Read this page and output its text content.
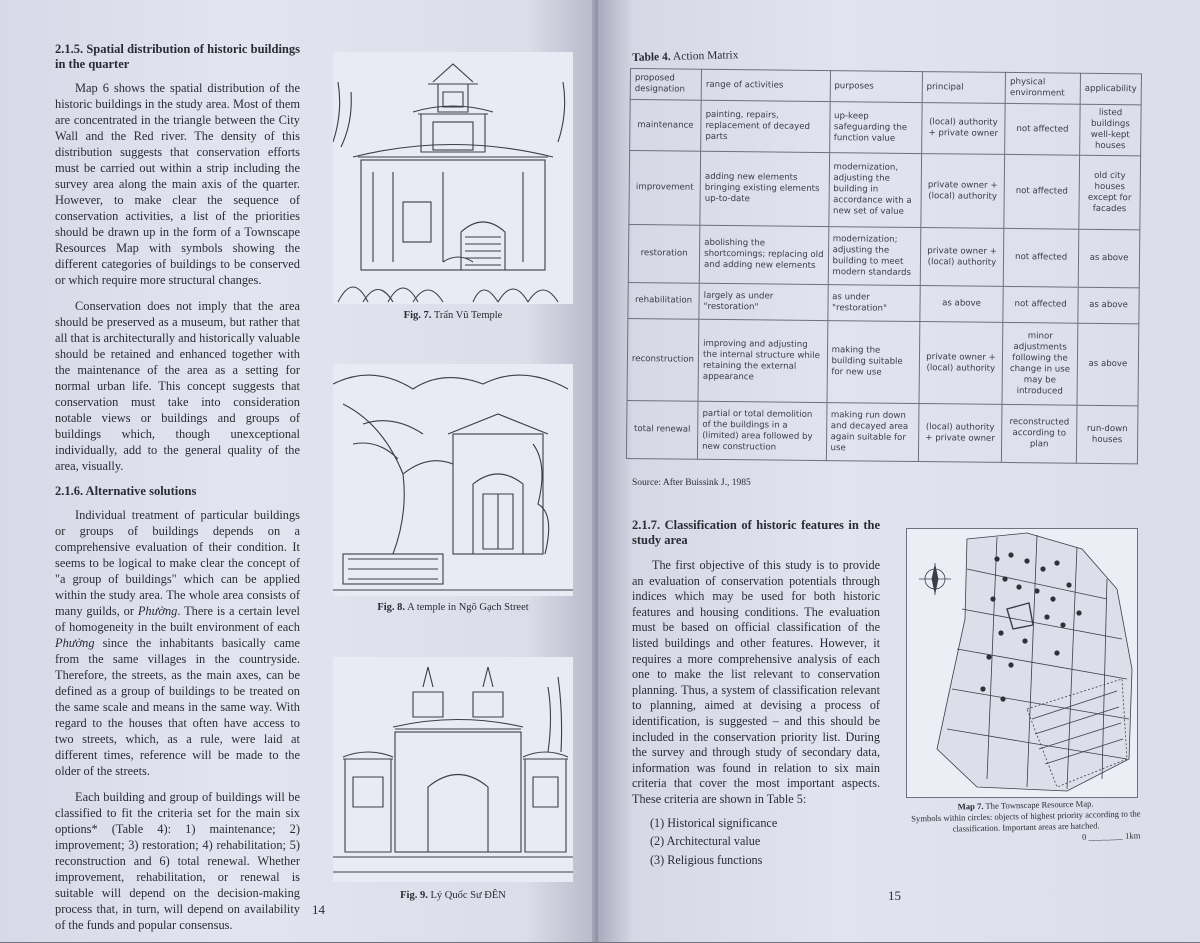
2.1.5. Spatial distribution of historic buildings in the quarter

Map 6 shows the spatial distribution of the historic buildings in the study area. Most of them are concentrated in the triangle between the City Wall and the Red river. The density of this distribution suggests that conservation efforts must be carried out within a strip including the survey area along the main axis of the quarter. However, to make clear the sequence of conservation activities, a list of the priorities should be drawn up in the form of a Townscape Resources Map with symbols showing the different categories of buildings to be conserved or which require more structural changes.

Conservation does not imply that the area should be preserved as a museum, but rather that all that is architecturally and historically valuable should be retained and enhanced together with the maintenance of the area as a setting for normal urban life. This concept suggests that conservation must take into consideration notable views or buildings and groups of buildings which, though unexceptional individually, add to the general quality of the area, visually.

2.1.6. Alternative solutions

Individual treatment of particular buildings or groups of buildings depends on a comprehensive evaluation of their condition. It seems to be logical to make clear the concept of "a group of buildings" which can be applied within the study area. The whole area consists of many guilds, or Phường. There is a certain level of homogeneity in the built environment of each Phường since the inhabitants basically came from the same villages in the countryside. Therefore, the streets, as the main axes, can be defined as a group of buildings to be treated on the same scale and means in the same way. With regard to the houses that often have access to two streets, which, as a rule, were laid at different times, reference will be made to the older of the streets.

Each building and group of buildings will be classified to fit the criteria set for the main six options* (Table 4): 1) maintenance; 2) improvement; 3) restoration; 4) rehabilitation; 5) reconstruction and 6) total renewal. Whether improvement, rehabilitation, or renewal is suitable will depend on the decision-making process that, in turn, will depend on availability of the funds and popular consensus.

Fig. 7. Trấn Vũ Temple
Fig. 8. A temple in Ngõ Gạch Street
Fig. 9. Lý Quốc Sư ĐÊN
14
Table 4. Action Matrix
proposed designation	range of activities	purposes	principal	physical environment	applicability
maintenance	painting, repairs, replacement of decayed parts	up-keep safeguarding the function value	(local) authority + private owner	not affected	listed buildings well-kept houses
improvement	adding new elements bringing existing elements up-to-date	modernization, adjusting the building in accordance with a new set of value	private owner + (local) authority	not affected	old city houses except for facades
restoration	abolishing the shortcomings; replacing old and adding new elements	modernization; adjusting the building to meet modern standards	private owner + (local) authority	not affected	as above
rehabilitation	largely as under "restoration"	as under "restoration"	as above	not affected	as above
reconstruction	improving and adjusting the internal structure while retaining the external appearance	making the building suitable for new use	private owner + (local) authority	minor adjustments following the change in use may be introduced	as above
total renewal	partial or total demolition of the buildings in a (limited) area followed by new construction	making run down and decayed area again suitable for use	(local) authority + private owner	reconstructed according to plan	run-down houses
Source: After Buissink J., 1985
2.1.7. Classification of historic features in the study area

The first objective of this study is to provide an evaluation of conservation potentials through indices which may be used for both historic features and housing conditions. The evaluation must be based on official classification of the listed buildings and other features. However, it requires a more comprehensive analysis of each one to make the list relevant to conservation planning. Thus, a system of classification relevant to planning, aimed at devising a process of identification, is suggested – and this should be included in the conservation priority list. During the survey and through study of secondary data, information was found in relation to six main criteria that cover the most important aspects. These criteria are shown in Table 5:

(1) Historical significance
(2) Architectural value
(3) Religious functions
Map 7. The Townscape Resource Map.
Symbols within circles: objects of highest priority according to the classification. Important areas are hatched.
0 ________ 1km
15
